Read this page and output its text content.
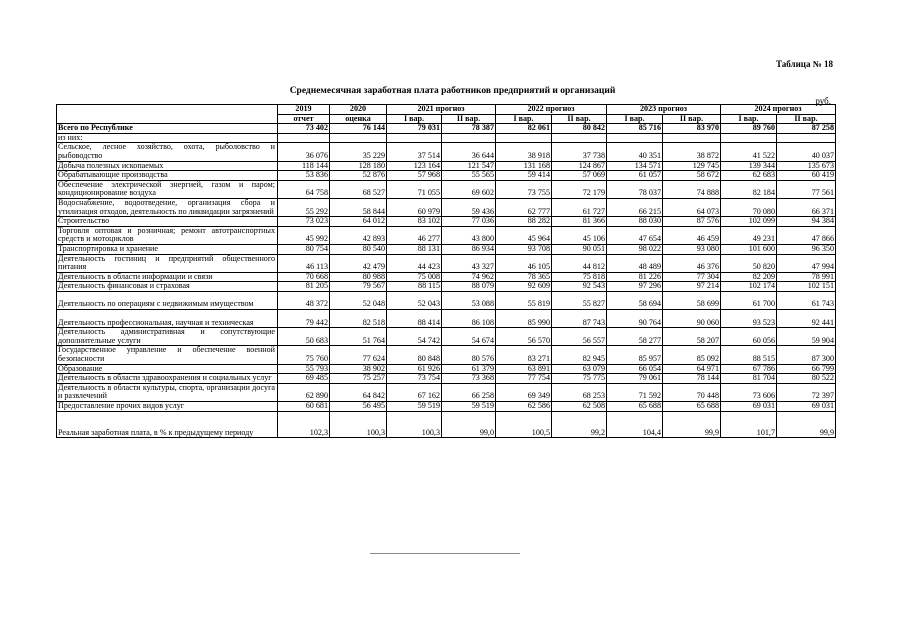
Таблица № 18
Среднемесячная заработная плата работников предприятий и организаций
руб.
	2019	2020	2021 прогноз		2022 прогноз		2023 прогноз		2024 прогноз	
	отчет	оценка	I вар.	II вар.	I вар.	II вар.	I вар.	II вар.	I вар.	II вар.
Всего по Республике	73 402	76 144	79 031	78 387	82 061	80 842	85 716	83 970	89 760	87 258
из них:										
Сельское, лесное хозяйство, охота, рыболовство и рыбоводство	36 076	35 229	37 514	36 644	38 918	37 738	40 351	38 872	41 522	40 037
Добыча полезных ископаемых	118 144	128 180	123 164	121 547	131 168	124 867	134 571	129 745	139 344	135 673
Обрабатывающие производства	53 836	52 876	57 968	55 565	59 414	57 069	61 057	58 672	62 683	60 419
Обеспечение электрической энергией, газом и паром; кондиционирование воздуха	64 758	68 527	71 055	69 602	73 755	72 179	78 037	74 888	82 184	77 561
Водоснабжение, водоотведение, организация сбора и утилизация отходов, деятельность по ликвидации загрязнений	55 292	58 844	60 979	59 436	62 777	61 727	66 215	64 073	70 080	66 371
Строительство	73 023	64 012	83 102	77 036	88 282	81 366	88 030	87 576	102 099	94 384
Торговля оптовая и розничная; ремонт автотранспортных средств и мотоциклов	45 992	42 893	46 277	43 800	45 964	45 106	47 654	46 459	49 231	47 866
Транспортировка и хранение	80 754	80 540	88 131	86 934	93 708	90 051	98 022	93 080	101 600	96 350
Деятельность гостиниц и предприятий общественного питания	46 113	42 479	44 423	43 327	46 105	44 812	48 489	46 376	50 820	47 994
Деятельность в области информации и связи	70 668	80 988	75 008	74 962	78 365	75 818	81 226	77 304	82 209	78 991
Деятельность финансовая и страховая	81 205	79 567	88 115	88 079	92 609	92 543	97 296	97 214	102 174	102 151
Деятельность по операциям с недвижимым имуществом	48 372	52 048	52 043	53 088	55 819	55 827	58 694	58 699	61 700	61 743
Деятельность профессиональная, научная и техническая	79 442	82 518	88 414	86 108	85 990	87 743	90 764	90 060	93 523	92 441
Деятельность административная и сопутствующие дополнительные услуги	50 683	51 764	54 742	54 674	56 570	56 557	58 277	58 207	60 056	59 904
Государственное управление и обеспечение военной безопасности	75 760	77 624	80 848	80 576	83 271	82 945	85 957	85 092	88 515	87 300
Образование	55 793	38 902	61 926	61 379	63 891	63 079	66 054	64 971	67 786	66 799
Деятельность в области здравоохранения и социальных услуг	69 485	75 257	73 754	73 368	77 754	75 775	79 061	78 144	81 704	80 522
Деятельность в области культуры, спорта, организации досуга и развлечений	62 890	64 842	67 162	66 258	69 349	68 253	71 592	70 448	73 606	72 397
Предоставление прочих видов услуг	60 681	56 495	59 519	59 519	62 586	62 508	65 688	65 688	69 031	69 031
Реальная заработная плата, в % к предыдущему периоду	102,3	100,3	100,3	99,0	100,5	99,2	104,4	99,9	101,7	99,9
